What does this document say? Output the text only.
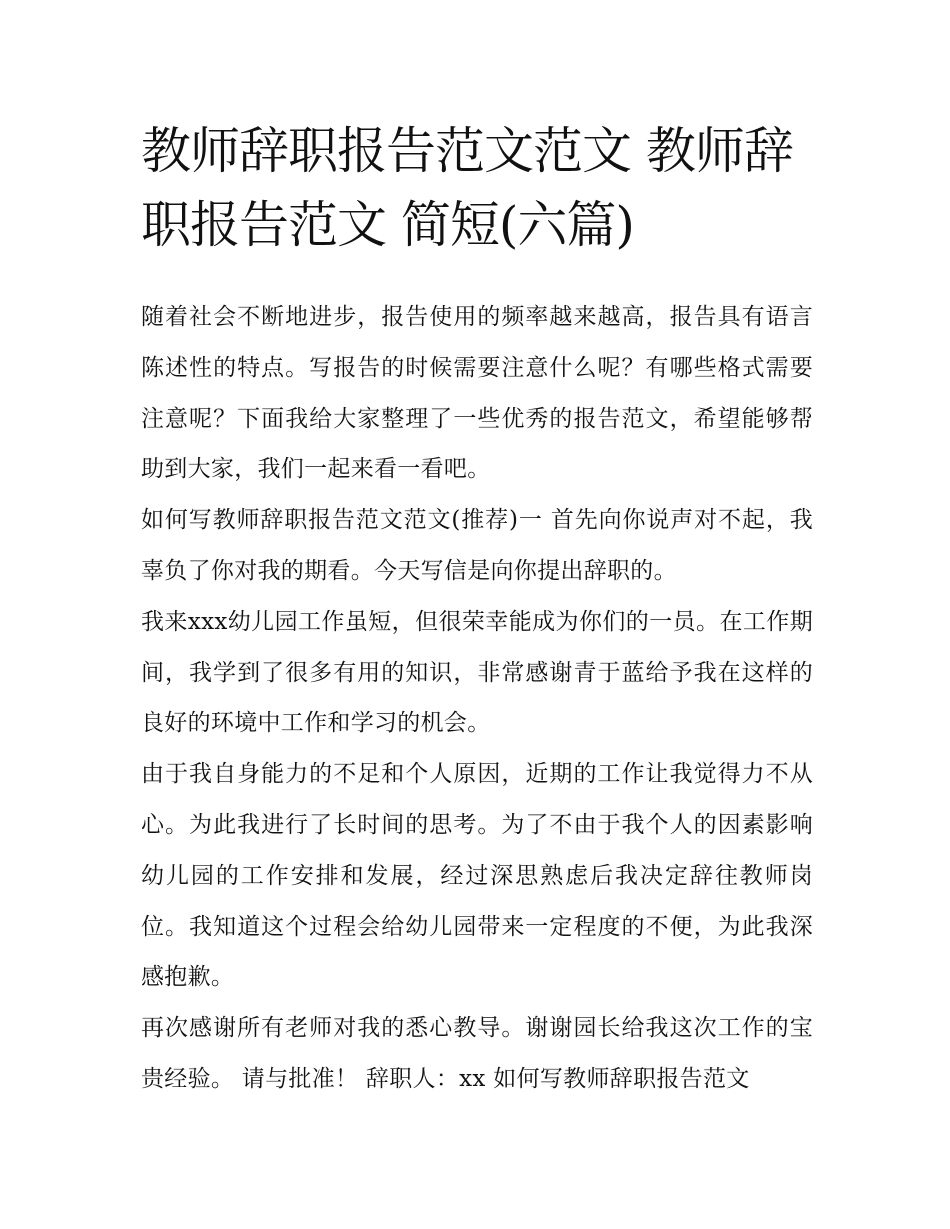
教师辞职报告范文范文 教师辞职报告范文 简短(六篇)

随着社会不断地进步，报告使用的频率越来越高，报告具有语言陈述性的特点。写报告的时候需要注意什么呢？有哪些格式需要注意呢？下面我给大家整理了一些优秀的报告范文，希望能够帮助到大家，我们一起来看一看吧。

如何写教师辞职报告范文范文(推荐)一 首先向你说声对不起，我辜负了你对我的期看。今天写信是向你提出辞职的。

我来xxx幼儿园工作虽短，但很荣幸能成为你们的一员。在工作期间，我学到了很多有用的知识，非常感谢青于蓝给予我在这样的良好的环境中工作和学习的机会。

由于我自身能力的不足和个人原因，近期的工作让我觉得力不从心。为此我进行了长时间的思考。为了不由于我个人的因素影响幼儿园的工作安排和发展，经过深思熟虑后我决定辞往教师岗位。我知道这个过程会给幼儿园带来一定程度的不便，为此我深感抱歉。

再次感谢所有老师对我的悉心教导。谢谢园长给我这次工作的宝贵经验。 请与批准！ 辞职人：xx 如何写教师辞职报告范文
